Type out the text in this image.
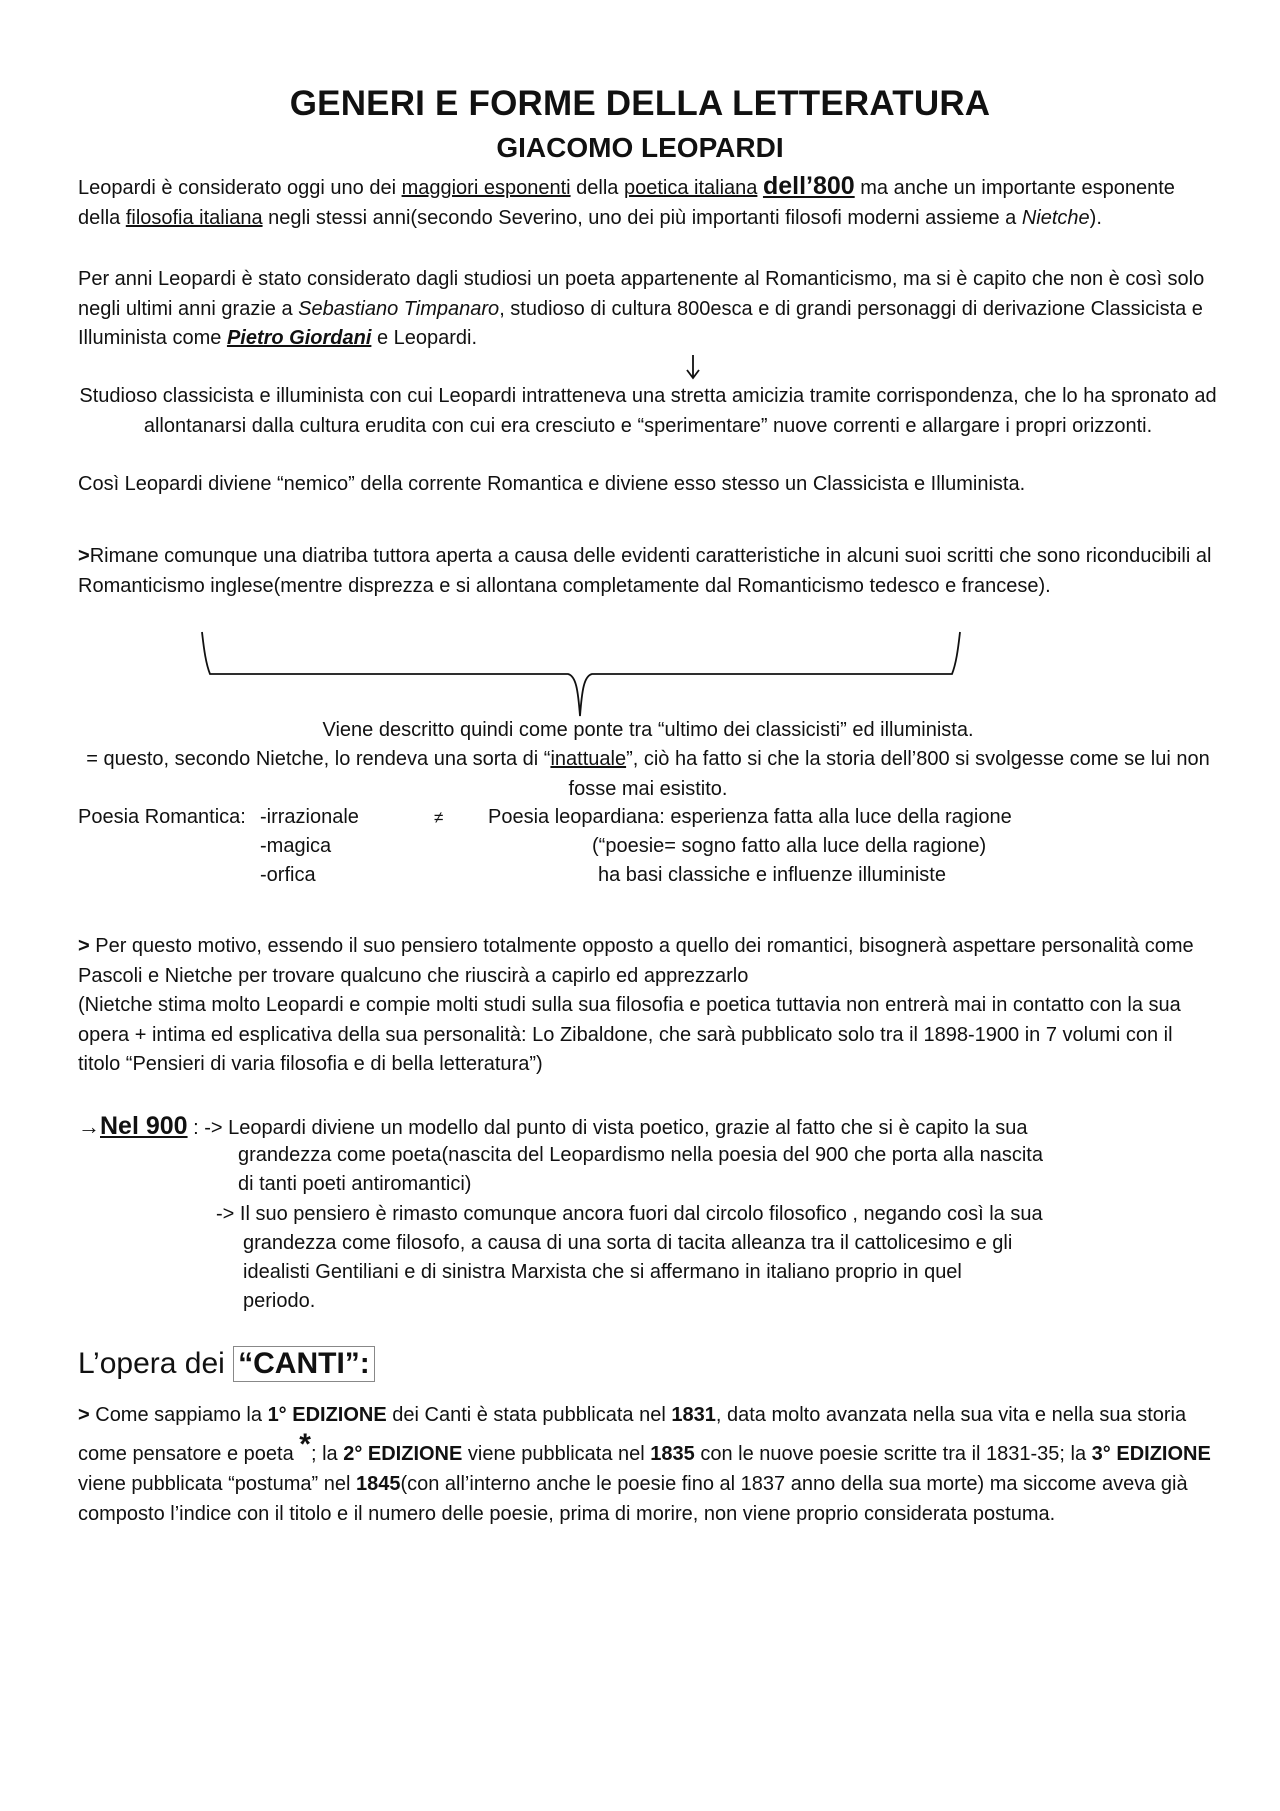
GENERI E FORME DELLA LETTERATURA
GIACOMO LEOPARDI

Leopardi è considerato oggi uno dei maggiori esponenti della poetica italiana dell’800 ma anche un importante esponente della filosofia italiana negli stessi anni(secondo Severino, uno dei più importanti filosofi moderni assieme a Nietche).

Per anni Leopardi è stato considerato dagli studiosi un poeta appartenente al Romanticismo, ma si è capito che non è così solo negli ultimi anni grazie a Sebastiano Timpanaro, studioso di cultura 800esca e di grandi personaggi di derivazione Classicista e Illuminista come Pietro Giordani e Leopardi.

Studioso classicista e illuminista con cui Leopardi intratteneva una stretta amicizia tramite corrispondenza, che lo ha spronato ad allontanarsi dalla cultura erudita con cui era cresciuto e “sperimentare” nuove correnti e allargare i propri orizzonti.

Così Leopardi diviene “nemico” della corrente Romantica e diviene esso stesso un Classicista e Illuminista.

>Rimane comunque una diatriba tuttora aperta a causa delle evidenti caratteristiche in alcuni suoi scritti che sono riconducibili al Romanticismo inglese(mentre disprezza e si allontana completamente dal Romanticismo tedesco e francese).

Viene descritto quindi come ponte tra “ultimo dei classicisti” ed illuminista.

= questo, secondo Nietche, lo rendeva una sorta di “inattuale”, ciò ha fatto si che la storia dell’800 si svolgesse come se lui non fosse mai esistito.

Poesia Romantica: -irrazionale

-magica

-orfica

≠ Poesia leopardiana: esperienza fatta alla luce della ragione

(“poesie= sogno fatto alla luce della ragione)

ha basi classiche e influenze illuministe

> Per questo motivo, essendo il suo pensiero totalmente opposto a quello dei romantici, bisognerà aspettare personalità come Pascoli e Nietche per trovare qualcuno che riuscirà a capirlo ed apprezzarlo

(Nietche stima molto Leopardi e compie molti studi sulla sua filosofia e poetica tuttavia non entrerà mai in contatto con la sua opera + intima ed esplicativa della sua personalità: Lo Zibaldone, che sarà pubblicato solo tra il 1898-1900 in 7 volumi con il titolo “Pensieri di varia filosofia e di bella letteratura”)

→Nel 900 : -> Leopardi diviene un modello dal punto di vista poetico, grazie al fatto che si è capito la sua

grandezza come poeta(nascita del Leopardismo nella poesia del 900 che porta alla nascita

di tanti poeti antiromantici)

-> Il suo pensiero è rimasto comunque ancora fuori dal circolo filosofico , negando così la sua

grandezza come filosofo, a causa di una sorta di tacita alleanza tra il cattolicesimo e gli

idealisti Gentiliani e di sinistra Marxista che si affermano in italiano proprio in quel

periodo.

L’opera dei “CANTI”:

> Come sappiamo la 1° EDIZIONE dei Canti è stata pubblicata nel 1831, data molto avanzata nella sua vita e nella sua storia come pensatore e poeta *; la 2° EDIZIONE viene pubblicata nel 1835 con le nuove poesie scritte tra il 1831-35; la 3° EDIZIONE viene pubblicata “postuma” nel 1845(con all’interno anche le poesie fino al 1837 anno della sua morte) ma siccome aveva già composto l’indice con il titolo e il numero delle poesie, prima di morire, non viene proprio considerata postuma.
